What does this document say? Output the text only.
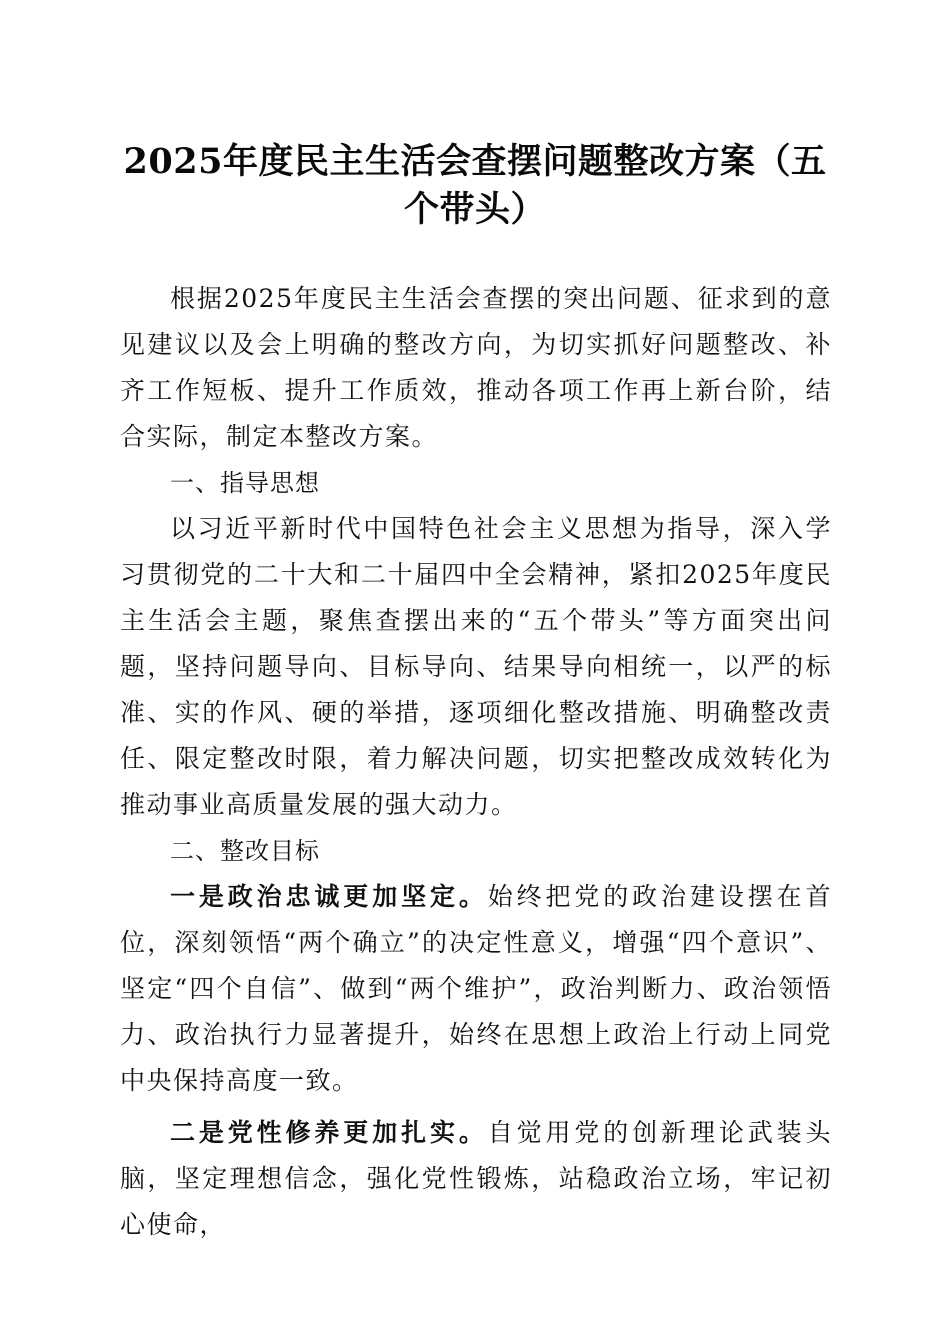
2025年度民主生活会查摆问题整改方案（五
个带头）

根据2025年度民主生活会查摆的突出问题、征求到的意见建议以及会上明确的整改方向，为切实抓好问题整改、补齐工作短板、提升工作质效，推动各项工作再上新台阶，结合实际，制定本整改方案。

一、指导思想

以习近平新时代中国特色社会主义思想为指导，深入学习贯彻党的二十大和二十届四中全会精神，紧扣2025年度民主生活会主题，聚焦查摆出来的“五个带头”等方面突出问题，坚持问题导向、目标导向、结果导向相统一，以严的标准、实的作风、硬的举措，逐项细化整改措施、明确整改责任、限定整改时限，着力解决问题，切实把整改成效转化为推动事业高质量发展的强大动力。

二、整改目标

一是政治忠诚更加坚定。始终把党的政治建设摆在首位，深刻领悟“两个确立”的决定性意义，增强“四个意识”、坚定“四个自信”、做到“两个维护”，政治判断力、政治领悟力、政治执行力显著提升，始终在思想上政治上行动上同党中央保持高度一致。

二是党性修养更加扎实。自觉用党的创新理论武装头脑，坚定理想信念，强化党性锻炼，站稳政治立场，牢记初心使命，
